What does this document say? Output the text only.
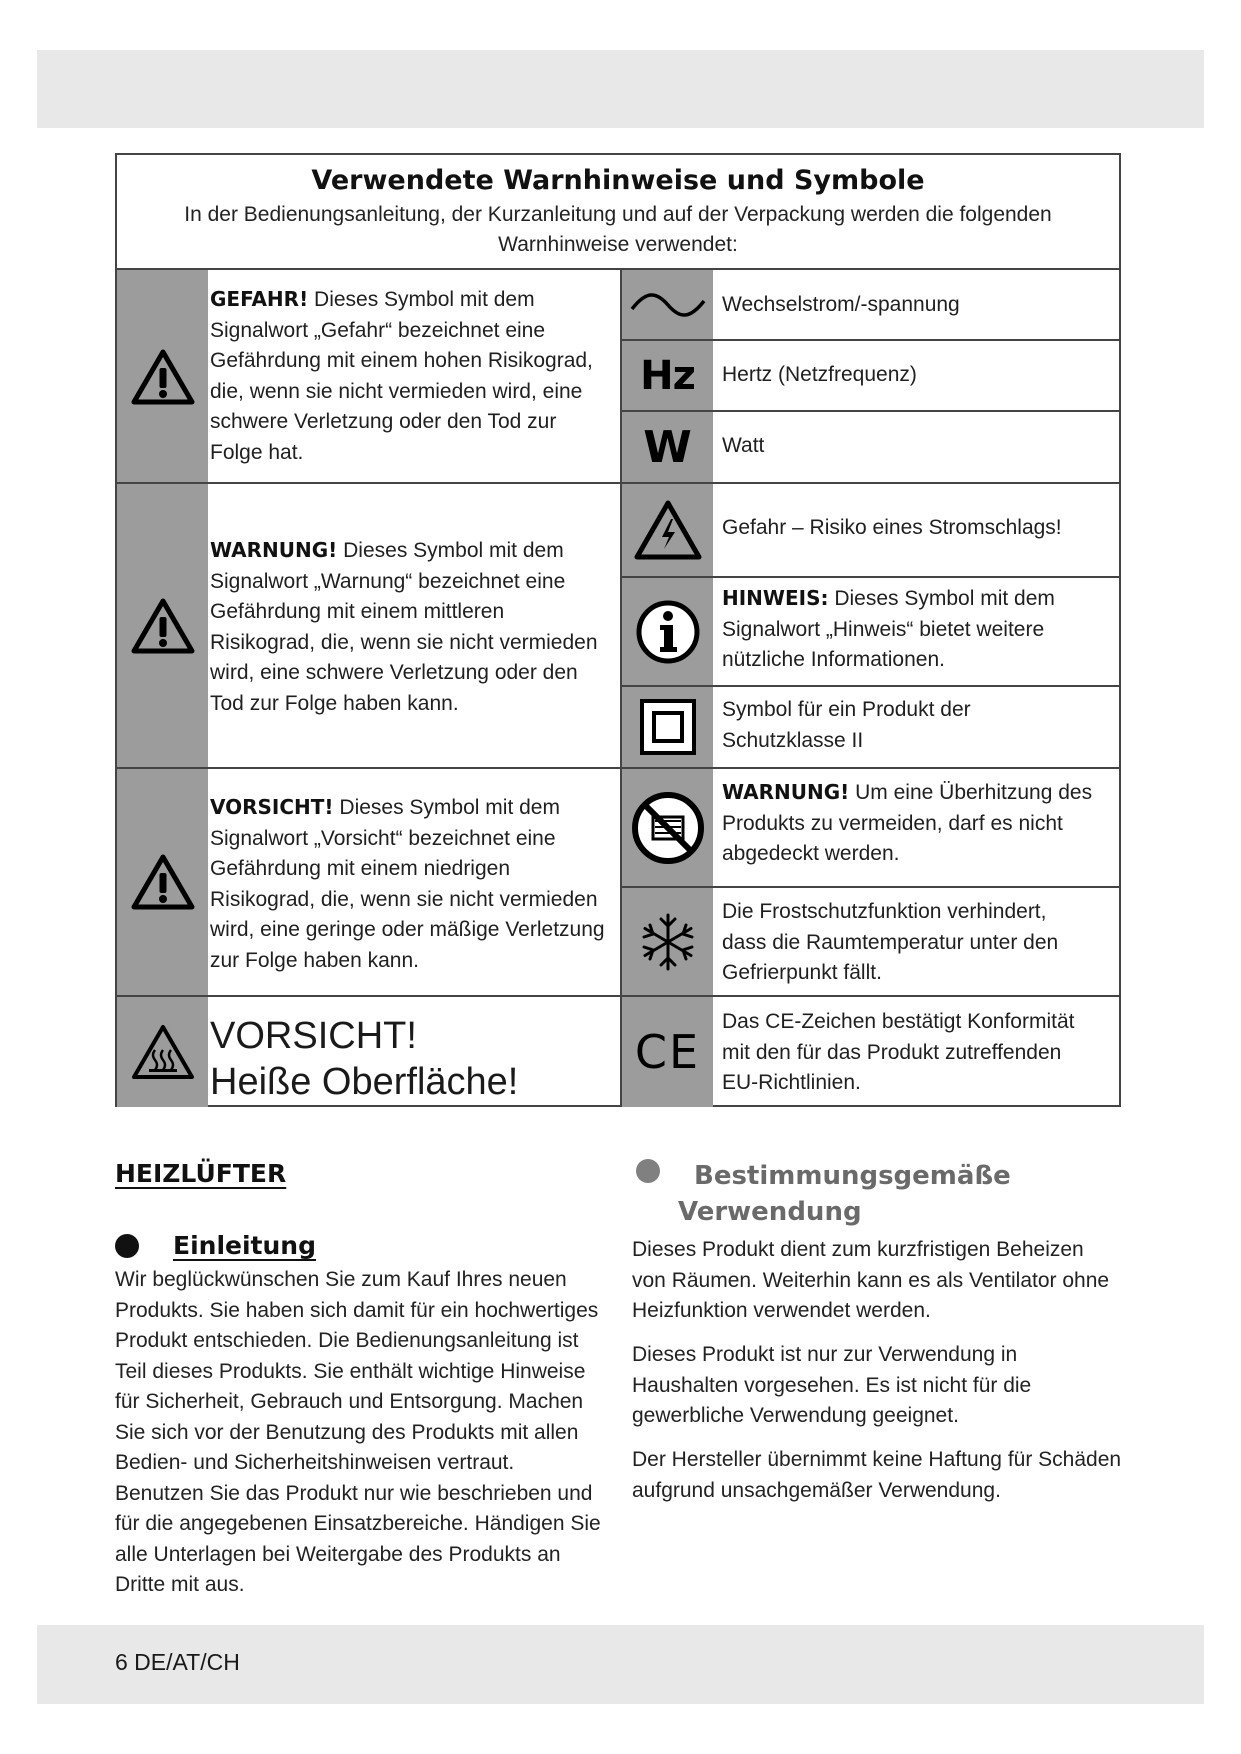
Verwendete Warnhinweise und Symbole
In der Bedienungsanleitung, der Kurzanleitung und auf der Verpackung werden die folgenden Warnhinweise verwendet:
Hz
W
CE
GEFAHR! Dieses Symbol mit dem Signalwort „Gefahr“ bezeichnet eine Gefährdung mit einem hohen Risikograd, die, wenn sie nicht vermieden wird, eine schwere Verletzung oder den Tod zur Folge hat.
WARNUNG! Dieses Symbol mit dem Signalwort „Warnung“ bezeichnet eine Gefährdung mit einem mittleren Risikograd, die, wenn sie nicht vermieden wird, eine schwere Verletzung oder den Tod zur Folge haben kann.
VORSICHT! Dieses Symbol mit dem Signalwort „Vorsicht“ bezeichnet eine Gefährdung mit einem niedrigen Risikograd, die, wenn sie nicht vermieden wird, eine geringe oder mäßige Verletzung zur Folge haben kann.
VORSICHT!
Heiße Oberfläche!
Wechselstrom/-spannung
Hertz (Netzfrequenz)
Watt
Gefahr – Risiko eines Stromschlags!
HINWEIS: Dieses Symbol mit dem Signalwort „Hinweis“ bietet weitere nützliche Informationen.
Symbol für ein Produkt der Schutzklasse II
WARNUNG! Um eine Überhitzung des Produkts zu vermeiden, darf es nicht abgedeckt werden.
Die Frostschutzfunktion verhindert, dass die Raumtemperatur unter den Gefrierpunkt fällt.
Das CE-Zeichen bestätigt Konformität mit den für das Produkt zutreffenden EU-Richtlinien.
HEIZLÜFTER
Einleitung
Wir beglückwünschen Sie zum Kauf Ihres neuen Produkts. Sie haben sich damit für ein hochwertiges Produkt entschieden. Die Bedienungsanleitung ist Teil dieses Produkts. Sie enthält wichtige Hinweise für Sicherheit, Gebrauch und Entsorgung. Machen Sie sich vor der Benutzung des Produkts mit allen Bedien- und Sicherheitshinweisen vertraut. Benutzen Sie das Produkt nur wie beschrieben und für die angegebenen Einsatzbereiche. Händigen Sie alle Unterlagen bei Weitergabe des Produkts an Dritte mit aus.
Bestimmungsgemäße
Verwendung
Dieses Produkt dient zum kurzfristigen Beheizen von Räumen. Weiterhin kann es als Ventilator ohne Heizfunktion verwendet werden.
Dieses Produkt ist nur zur Verwendung in Haushalten vorgesehen. Es ist nicht für die gewerbliche Verwendung geeignet.
Der Hersteller übernimmt keine Haftung für Schäden aufgrund unsachgemäßer Verwendung.
6 DE/AT/CH
